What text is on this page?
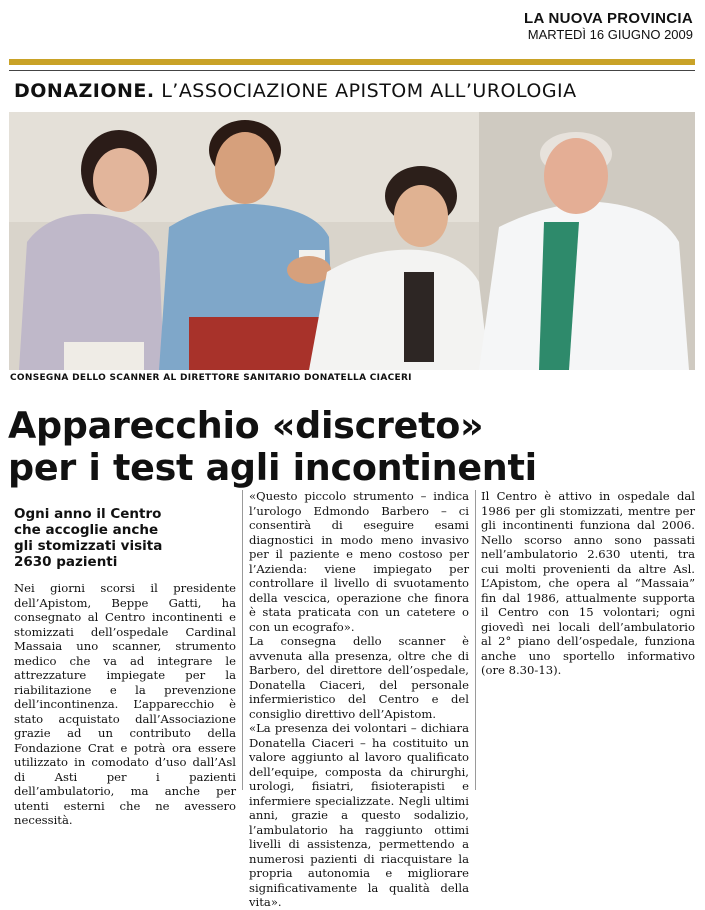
LA NUOVA PROVINCIA
MARTEDÌ 16 GIUGNO 2009
DONAZIONE. L’ASSOCIAZIONE APISTOM ALL’UROLOGIA
CONSEGNA DELLO SCANNER AL DIRETTORE SANITARIO DONATELLA CIACERI
Apparecchio «discreto»
per i test agli incontinenti
Ogni anno il Centro
che accoglie anche
gli stomizzati visita
2630 pazienti

Nei giorni scorsi il presidente dell’Apistom, Beppe Gatti, ha consegnato al Centro incontinenti e stomizzati dell’ospedale Cardinal Massaia uno scanner, strumento medico che va ad integrare le attrezzature impiegate per la riabilitazione e la prevenzione dell’incontinenza. L’apparecchio è stato acquistato dall’Associazione grazie ad un contributo della Fondazione Crat e potrà ora essere utilizzato in comodato d’uso dall’Asl di Asti per i pazienti dell’ambulatorio, ma anche per utenti esterni che ne avessero necessità.

«Questo piccolo strumento – indica l’urologo Edmondo Barbero – ci consentirà di eseguire esami diagnostici in modo meno invasivo per il paziente e meno costoso per l’Azienda: viene impiegato per controllare il livello di svuotamento della vescica, operazione che finora è stata praticata con un catetere o con un ecografo».

La consegna dello scanner è avvenuta alla presenza, oltre che di Barbero, del direttore dell’ospedale, Donatella Ciaceri, del personale infermieristico del Centro e del consiglio direttivo dell’Apistom.

«La presenza dei volontari – dichiara Donatella Ciaceri – ha costituito un valore aggiunto al lavoro qualificato dell’equipe, composta da chirurghi, urologi, fisiatri, fisioterapisti e infermiere specializzate. Negli ultimi anni, grazie a questo sodalizio, l’ambulatorio ha raggiunto ottimi livelli di assistenza, permettendo a numerosi pazienti di riacquistare la propria autonomia e migliorare significativamente la qualità della vita».

Il Centro è attivo in ospedale dal 1986 per gli stomizzati, mentre per gli incontinenti funziona dal 2006. Nello scorso anno sono passati nell’ambulatorio 2.630 utenti, tra cui molti provenienti da altre Asl. L’Apistom, che opera al “Massaia” fin dal 1986, attualmente supporta il Centro con 15 volontari; ogni giovedì nei locali dell’ambulatorio al 2° piano dell’ospedale, funziona anche uno sportello informativo (ore 8.30-13).
